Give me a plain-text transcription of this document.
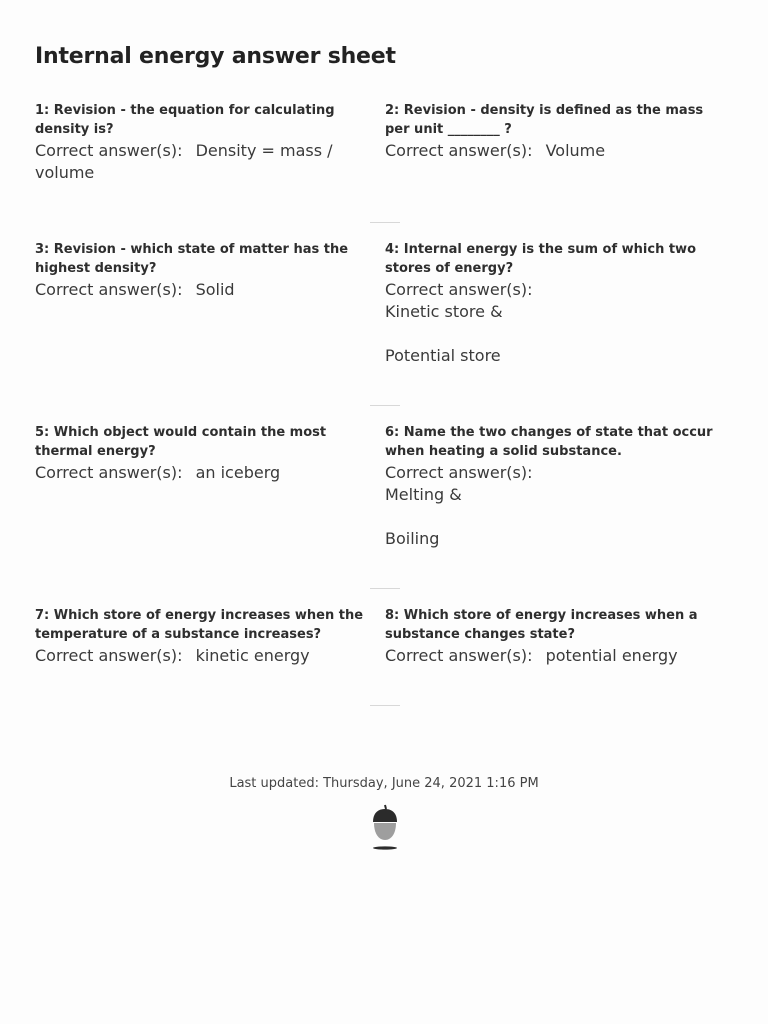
Internal energy answer sheet
1: Revision - the equation for calculating density is?
Correct answer(s): Density = mass / volume
2: Revision - density is defined as the mass per unit ________ ?
Correct answer(s): Volume
3: Revision - which state of matter has the highest density?
Correct answer(s): Solid
4: Internal energy is the sum of which two stores of energy?
Correct answer(s):
Kinetic store &
Potential store
5: Which object would contain the most thermal energy?
Correct answer(s): an iceberg
6: Name the two changes of state that occur when heating a solid substance.
Correct answer(s):
Melting &
Boiling
7: Which store of energy increases when the temperature of a substance increases?
Correct answer(s): kinetic energy
8: Which store of energy increases when a substance changes state?
Correct answer(s): potential energy
Last updated: Thursday, June 24, 2021 1:16 PM
